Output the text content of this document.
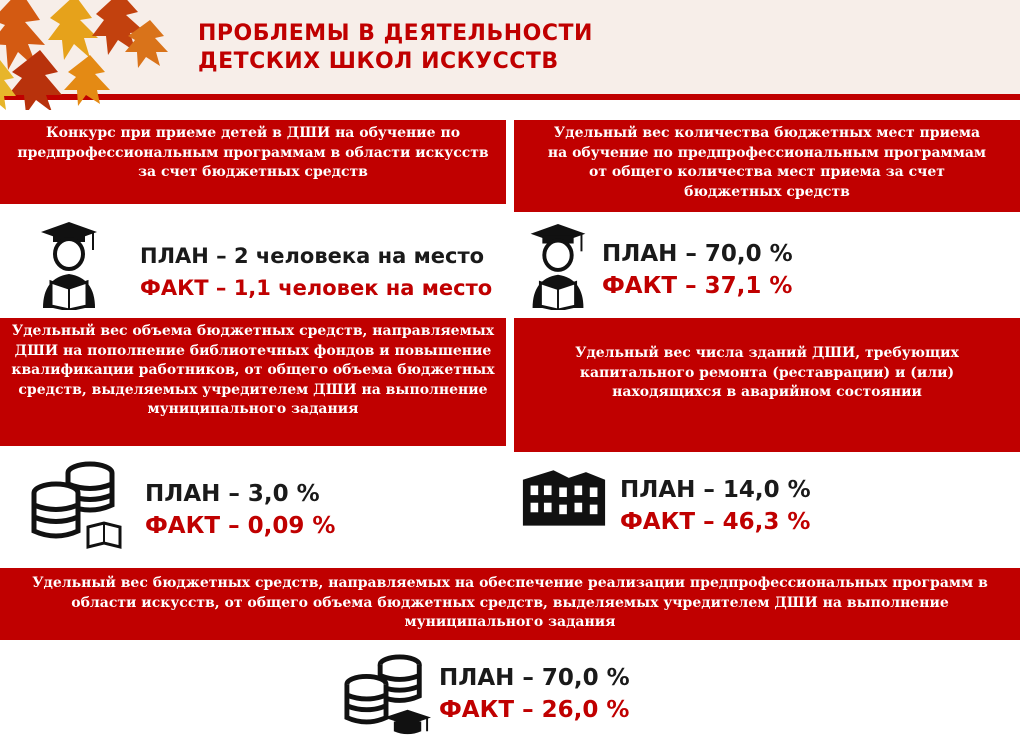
ПРОБЛЕМЫ В ДЕЯТЕЛЬНОСТИ
ДЕТСКИХ ШКОЛ ИСКУССТВ
Конкурс при приеме детей в ДШИ на обучение по предпрофессиональным программам в области искусств за счет бюджетных средств
Удельный вес количества бюджетных мест приема на обучение по предпрофессиональным программам от общего количества мест приема за счет бюджетных средств
ПЛАН – 2 человека на место
ФАКТ – 1,1 человек на место
ПЛАН – 70,0 %
ФАКТ – 37,1 %
Удельный вес объема бюджетных средств, направляемых ДШИ на пополнение библиотечных фондов и повышение квалификации работников, от общего объема бюджетных средств, выделяемых учредителем ДШИ на выполнение муниципального задания
Удельный вес числа зданий ДШИ, требующих капитального ремонта (реставрации) и (или) находящихся в аварийном состоянии
ПЛАН – 3,0 %
ФАКТ – 0,09 %
ПЛАН – 14,0 %
ФАКТ – 46,3 %
Удельный вес бюджетных средств, направляемых на обеспечение реализации предпрофессиональных программ в области искусств, от общего объема бюджетных средств, выделяемых учредителем ДШИ на выполнение муниципального задания
ПЛАН – 70,0 %
ФАКТ – 26,0 %
